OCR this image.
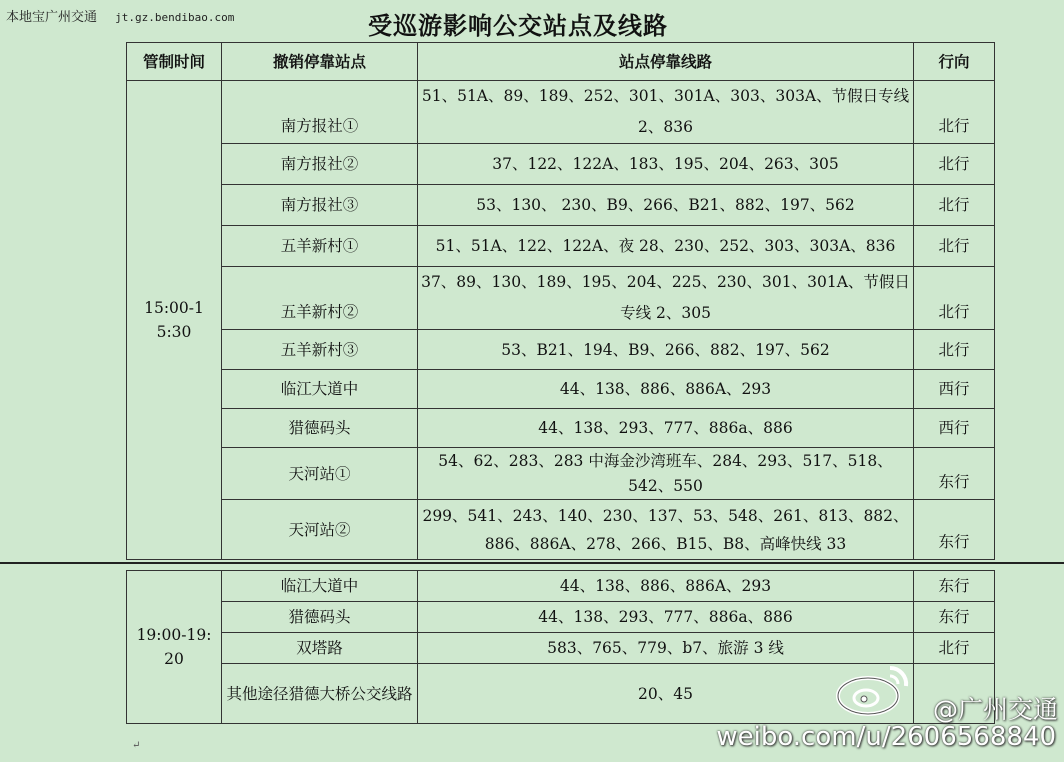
本地宝广州交通 jt.gz.bendibao.com	受巡游影响公交站点及线路
管制时间	撤销停靠站点	站点停靠线路	行向

15:00-15:30	南方报社①	51、51A、89、189、252、301、301A、303、303A、节假日专线 2、836	北行
	南方报社②	37、122、122A、183、195、204、263、305	北行
	南方报社③	53、130、 230、B9、266、B21、882、197、562	北行
	五羊新村①	51、51A、122、122A、夜 28、230、252、303、303A、836	北行
	五羊新村②	37、89、130、189、195、204、225、230、301、301A、节假日专线 2、305	北行
	五羊新村③	53、B21、194、B9、266、882、197、562	北行
	临江大道中	44、138、886、886A、293	西行
	猎德码头	44、138、293、777、886a、886	西行
	天河站①	54、62、283、283 中海金沙湾班车、284、293、517、518、542、550	东行
	天河站②	299、541、243、140、230、137、53、548、261、813、882、886、886A、278、266、B15、B8、高峰快线 33	东行
19:00-19:20	临江大道中	44、138、886、886A、293	东行
	猎德码头	44、138、293、777、886a、886	东行
	双塔路	583、765、779、b7、旅游 3 线	北行
	其他途径猎德大桥公交线路	20、45	
↵
@广州交通
weibo.com/u/2606568840
